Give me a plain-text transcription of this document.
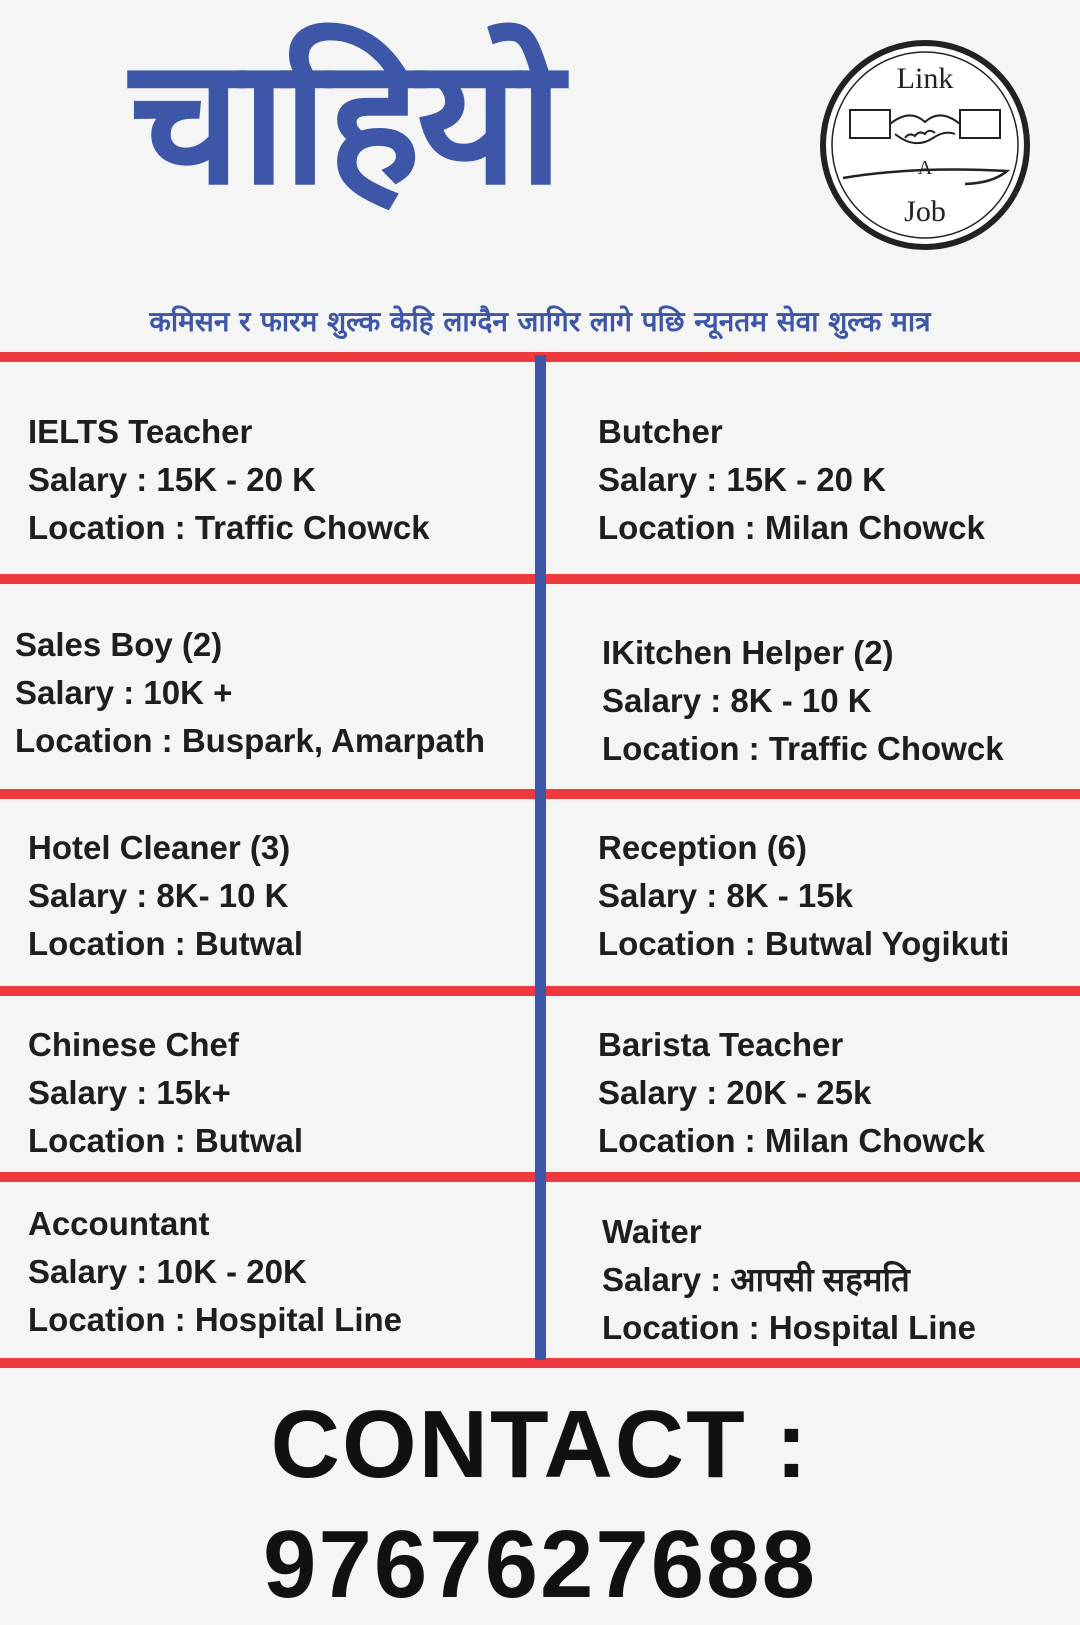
चाहियो	Link
A
Job
कमिसन र फारम शुल्क केहि लाग्दैन जागिर लागे पछि न्यूनतम सेवा शुल्क मात्र
IELTS Teacher
Salary : 15K - 20 K
Location : Traffic Chowck
Butcher
Salary : 15K - 20 K
Location : Milan Chowck
Sales Boy (2)
Salary : 10K +
Location : Buspark, Amarpath
IKitchen Helper (2)
Salary : 8K - 10 K
Location : Traffic Chowck
Hotel Cleaner (3)
Salary : 8K- 10 K
Location : Butwal
Reception (6)
Salary : 8K - 15k
Location : Butwal Yogikuti
Chinese Chef
Salary : 15k+
Location : Butwal
Barista Teacher
Salary : 20K - 25k
Location : Milan Chowck
Accountant
Salary : 10K - 20K
Location : Hospital Line
Waiter
Salary : आपसी सहमति
Location : Hospital Line
CONTACT : 9767627688
